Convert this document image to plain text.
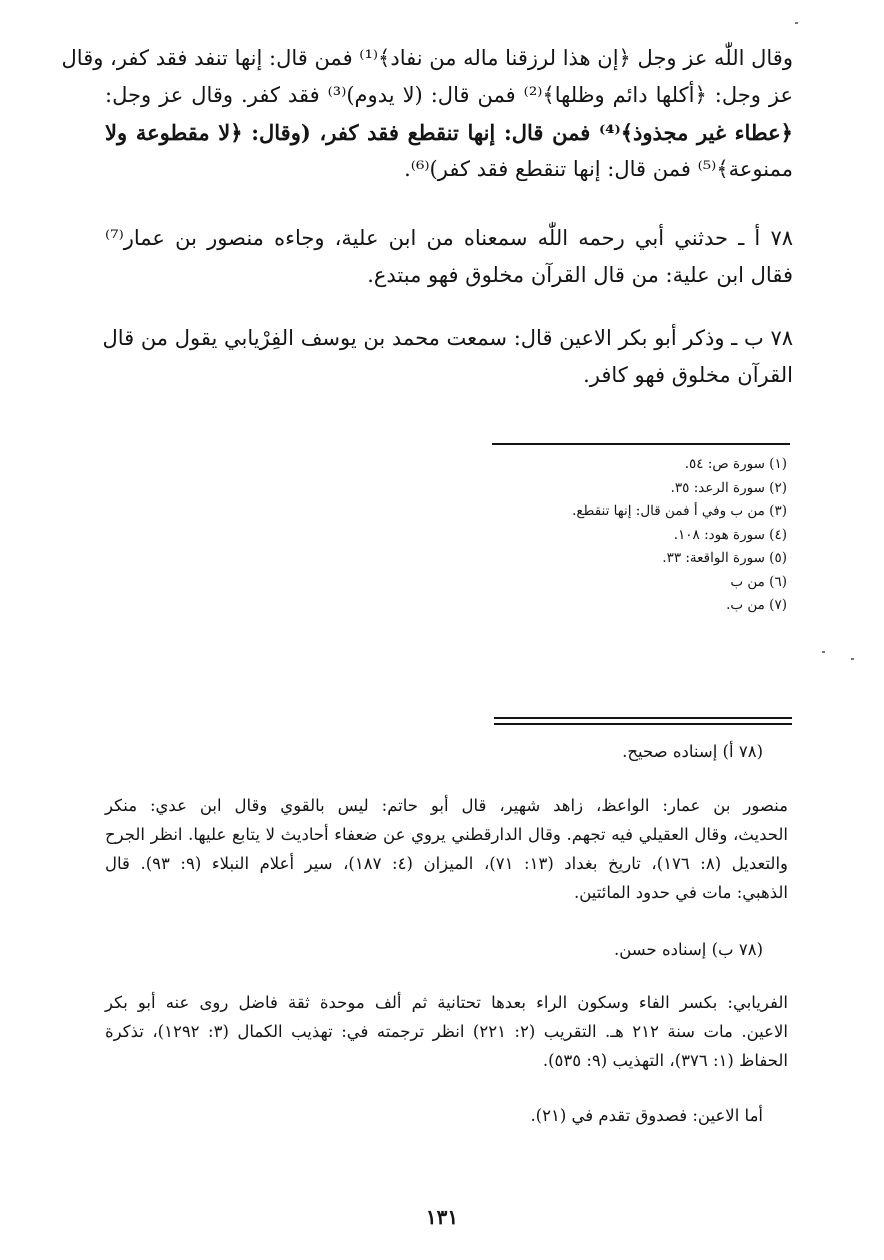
وقال اللّٰه عز وجل ﴿إن هذا لرزقنا ماله من نفاد﴾⁽¹⁾ فمن قال: إنها تنفد فقد كفر، وقال
عز وجل: ﴿أكلها دائم وظلها﴾⁽²⁾ فمن قال: (لا يدوم)⁽³⁾ فقد كفر. وقال عز وجل:
﴿عطاء غير مجذوذ﴾⁽⁴⁾ فمن قال: إنها تنقطع فقد كفر، (وقال: ﴿لا مقطوعة ولا
ممنوعة﴾⁽⁵⁾ فمن قال: إنها تنقطع فقد كفر)⁽⁶⁾.
٧٨ أ ـ حدثني أبي رحمه اللّٰه سمعناه من ابن علية، وجاءه منصور بن عمار⁽⁷⁾
فقال ابن علية: من قال القرآن مخلوق فهو مبتدع.
٧٨ ب ـ وذكر أبو بكر الاعين قال: سمعت محمد بن يوسف الفِرْيابي يقول من قال
القرآن مخلوق فهو كافر.
(١) سورة ص: ٥٤.
(٢) سورة الرعد: ٣٥.
(٣) من ب وفي أ فمن قال: إنها تنقطع.
(٤) سورة هود: ١٠٨.
(٥) سورة الواقعة: ٣٣.
(٦) من ب
(٧) من ب.
(٧٨ أ) إسناده صحيح.
منصور بن عمار: الواعظ، زاهد شهير، قال أبو حاتم: ليس بالقوي وقال ابن عدي: منكر
الحديث، وقال العقيلي فيه تجهم. وقال الدارقطني يروي عن ضعفاء أحاديث لا يتابع عليها. انظر الجرح
والتعديل (٨: ١٧٦)، تاريخ بغداد (١٣: ٧١)، الميزان (٤: ١٨٧)، سير أعلام النبلاء (٩: ٩٣). قال
الذهبي: مات في حدود المائتين.
(٧٨ ب) إسناده حسن.
الفريابي: بكسر الفاء وسكون الراء بعدها تحتانية ثم ألف موحدة ثقة فاضل روى عنه أبو بكر
الاعين. مات سنة ٢١٢ هـ. التقريب (٢: ٢٢١) انظر ترجمته في: تهذيب الكمال (٣: ١٢٩٢)، تذكرة
الحفاظ (١: ٣٧٦)، التهذيب (٩: ٥٣٥).
أما الاعين: فصدوق تقدم في (٢١).
١٣١
